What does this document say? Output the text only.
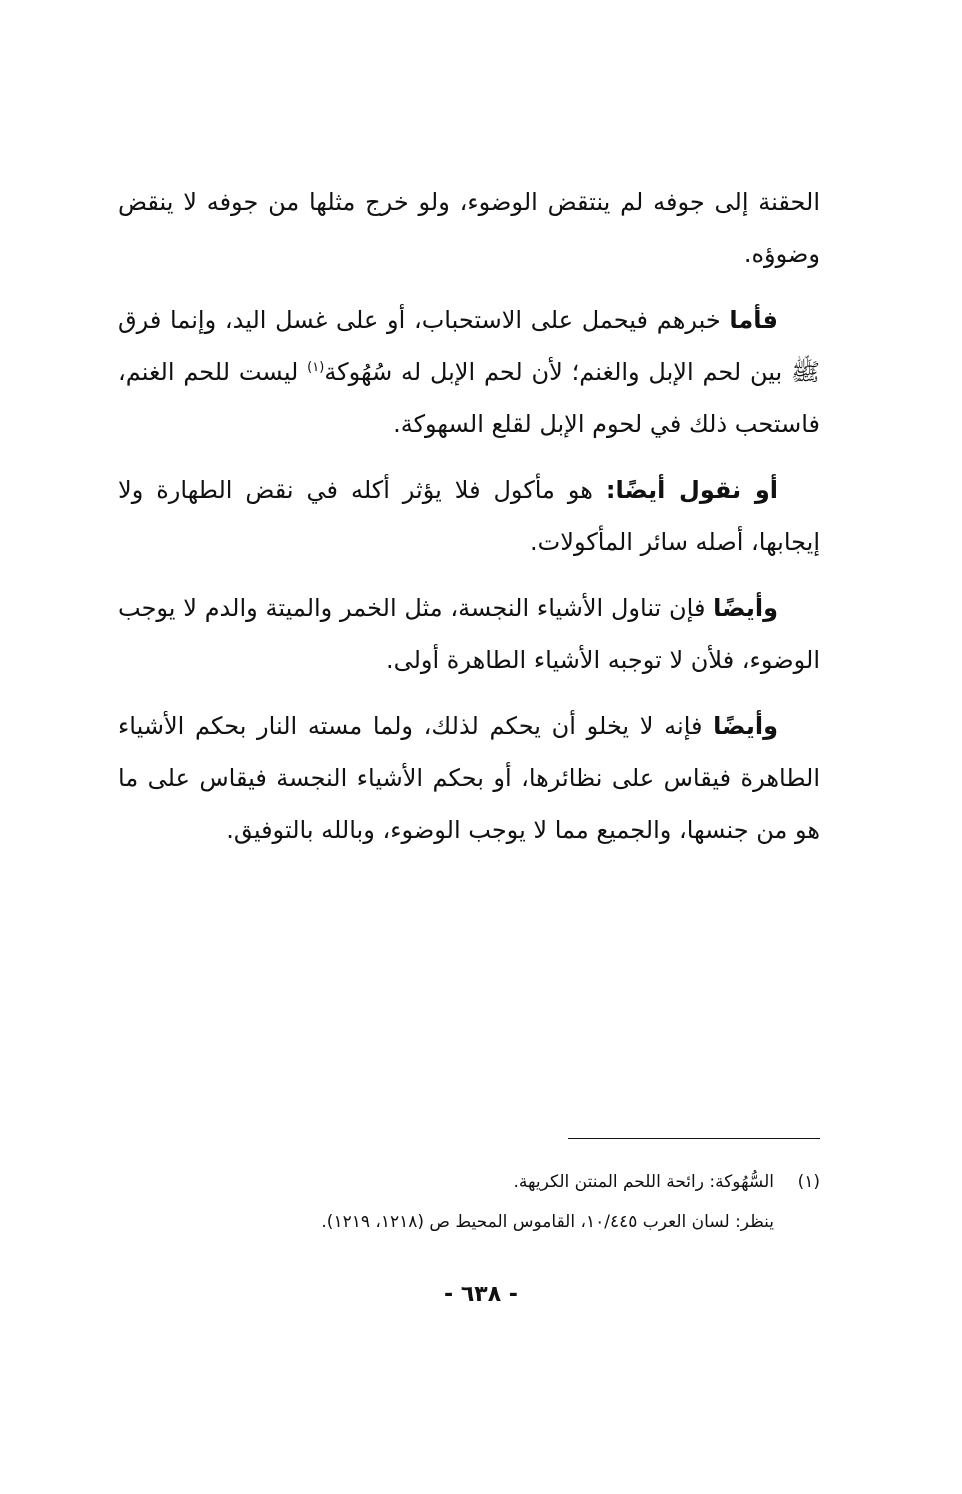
الحقنة إلى جوفه لم ينتقض الوضوء، ولو خرج مثلها من جوفه لا ينقض وضوؤه.

فأما خبرهم فيحمل على الاستحباب، أو على غسل اليد، وإنما فرق ﷺ بين لحم الإبل والغنم؛ لأن لحم الإبل له سُهُوكة$^{(١)}$ ليست للحم الغنم، فاستحب ذلك في لحوم الإبل لقلع السهوكة.

أو نقول أيضًا: هو مأكول فلا يؤثر أكله في نقض الطهارة ولا إيجابها، أصله سائر المأكولات.

وأيضًا فإن تناول الأشياء النجسة، مثل الخمر والميتة والدم لا يوجب الوضوء، فلأن لا توجبه الأشياء الطاهرة أولى.

وأيضًا فإنه لا يخلو أن يحكم لذلك، ولما مسته النار بحكم الأشياء الطاهرة فيقاس على نظائرها، أو بحكم الأشياء النجسة فيقاس على ما هو من جنسها، والجميع مما لا يوجب الوضوء، وبالله بالتوفيق.

(١)السُّهُوكة: رائحة اللحم المنتن الكريهة.
ينظر: لسان العرب ١٠/٤٤٥، القاموس المحيط ص (١٢١٨، ١٢١٩).
- ٦٣٨ -
